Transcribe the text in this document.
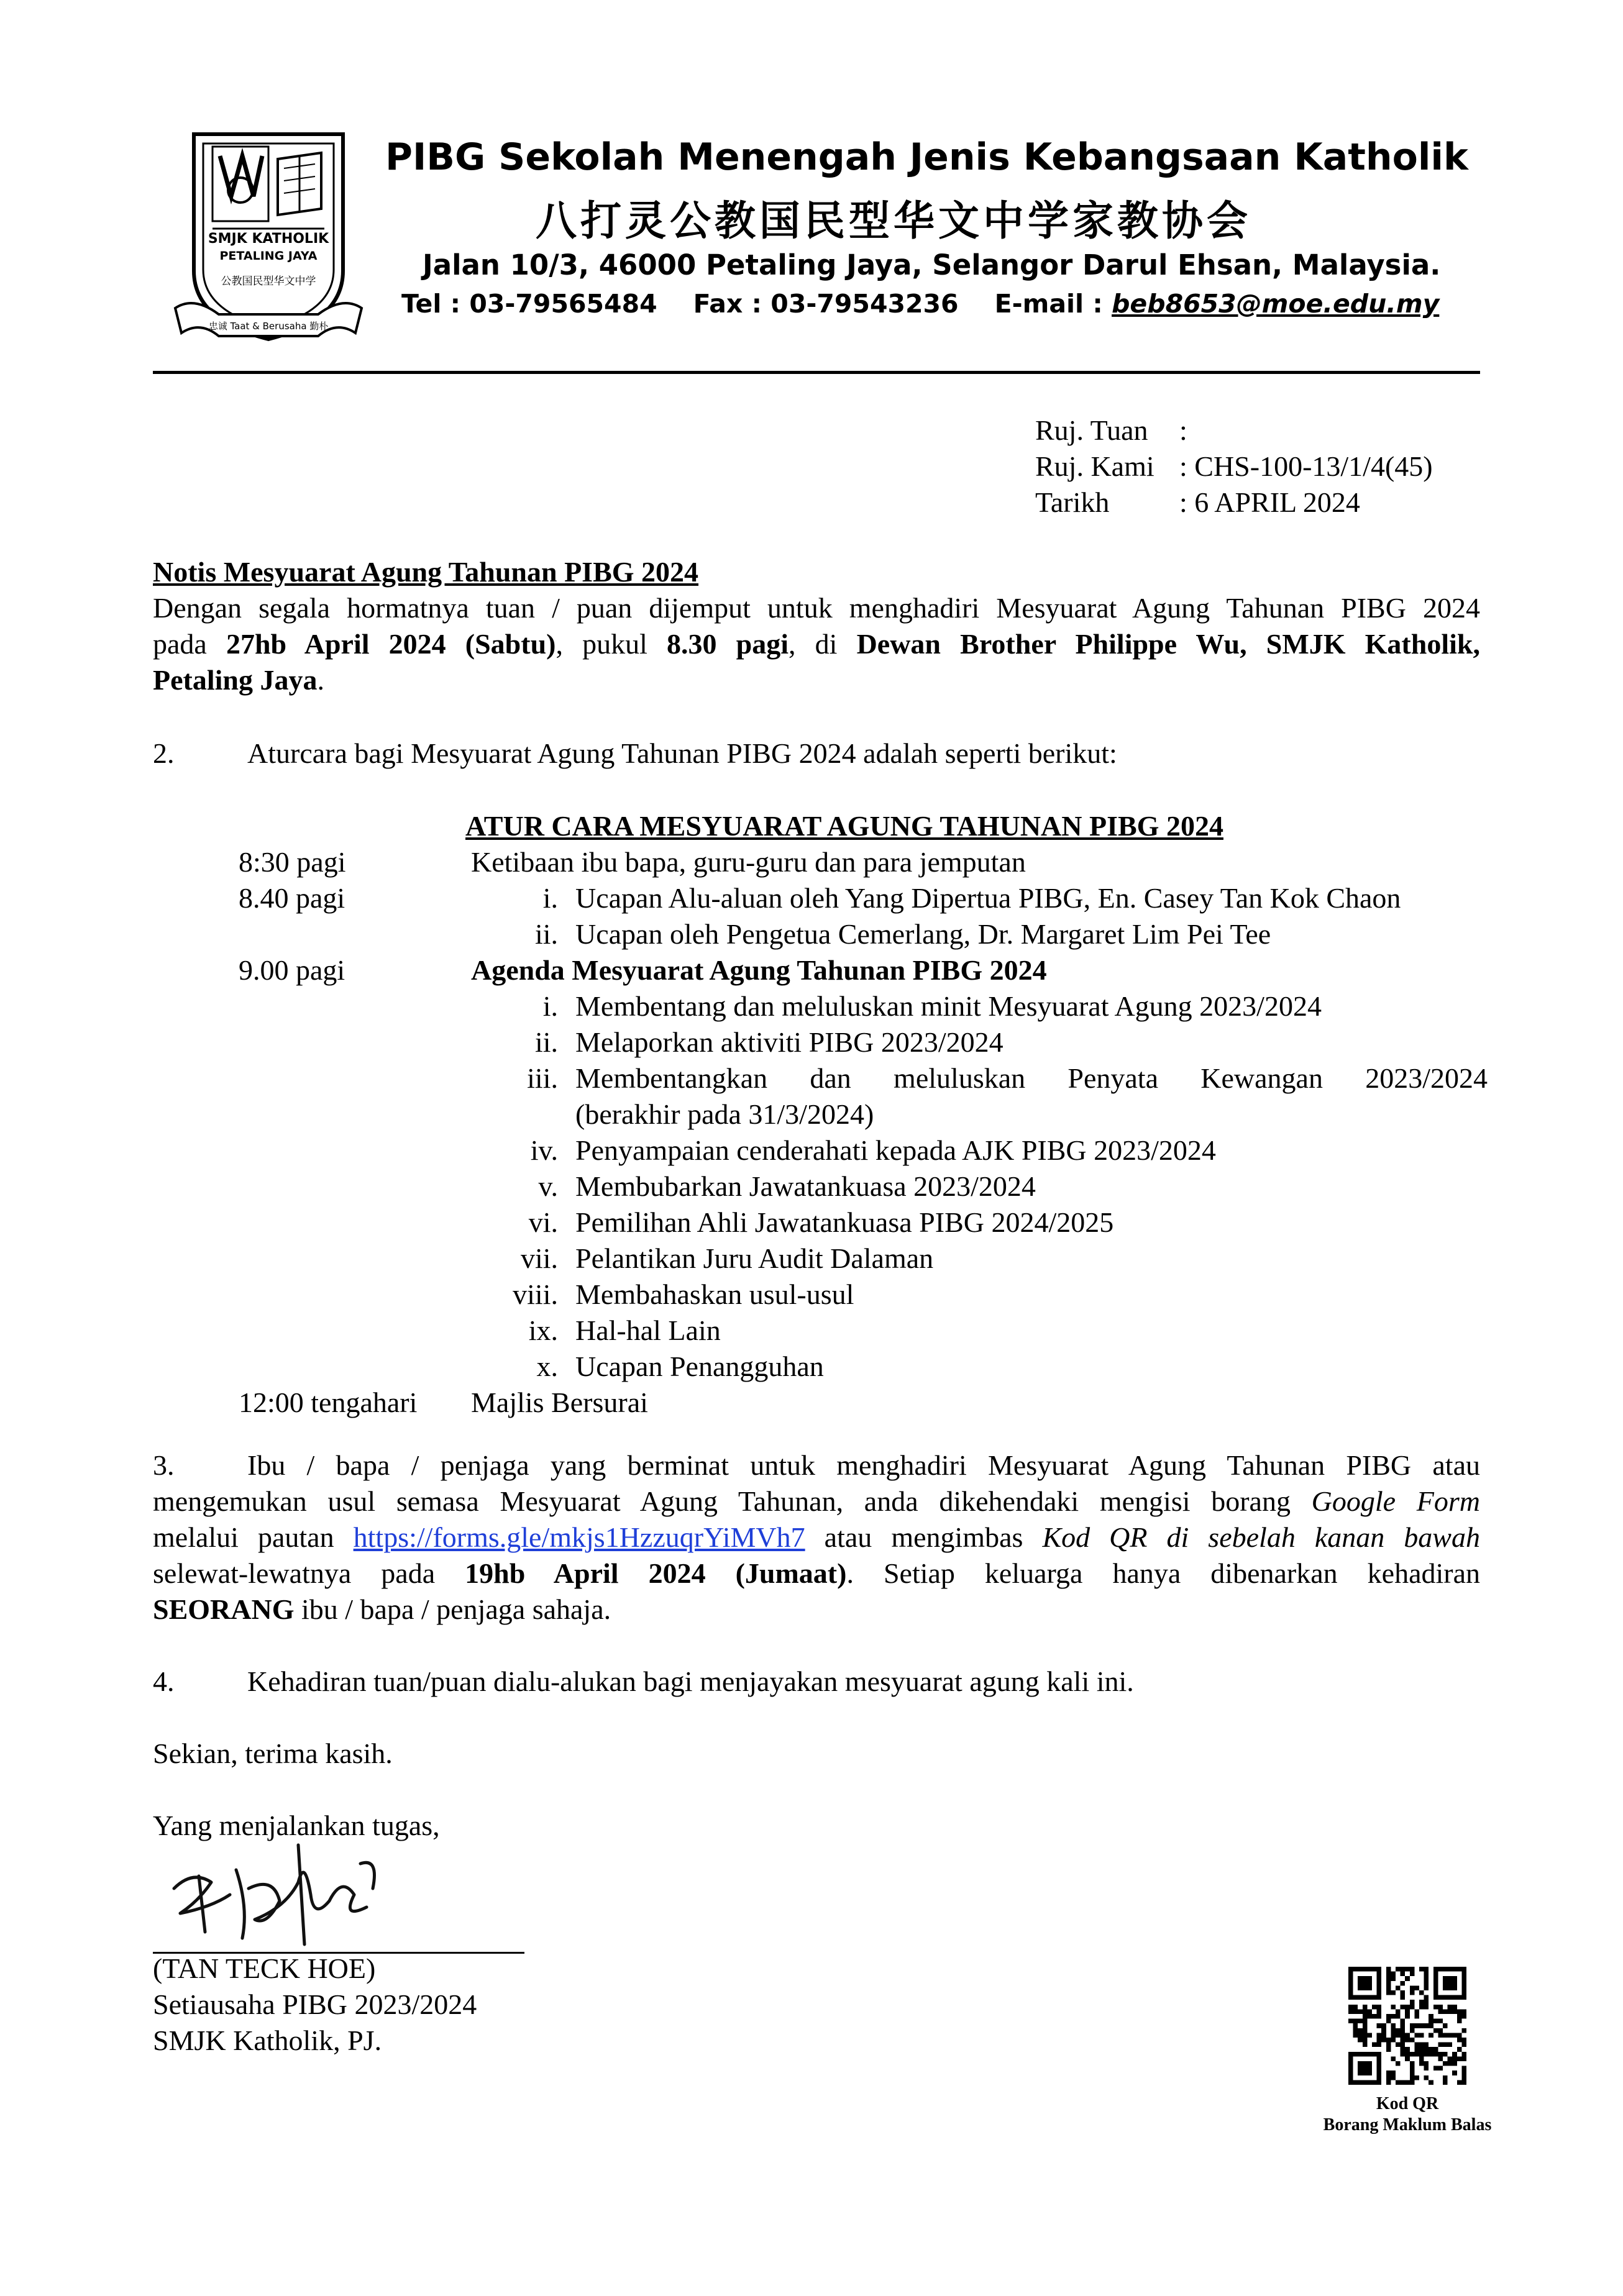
SMJK KATHOLIK
PETALING JAYA
公教国民型华文中学
忠诚 Taat & Berusaha 勤朴
PIBG Sekolah Menengah Jenis Kebangsaan Katholik
八打灵公教国民型华文中学家教协会
Jalan 10/3, 46000 Petaling Jaya, Selangor Darul Ehsan, Malaysia.
Tel : 03-79565484 Fax : 03-79543236 E-mail : beb8653@moe.edu.my
Ruj. Tuan	:
Ruj. Kami : CHS-100-13/1/4(45)
Tarikh	: 6 APRIL 2024
Notis Mesyuarat Agung Tahunan PIBG 2024
Dengan segala hormatnya tuan / puan dijemput untuk menghadiri Mesyuarat Agung Tahunan PIBG 2024
pada 27hb April 2024 (Sabtu), pukul 8.30 pagi, di Dewan Brother Philippe Wu, SMJK Katholik,
Petaling Jaya.
2.	Aturcara bagi Mesyuarat Agung Tahunan PIBG 2024 adalah seperti berikut:
ATUR CARA MESYUARAT AGUNG TAHUNAN PIBG 2024
8:30 pagi	Ketibaan ibu bapa, guru-guru dan para jemputan
8.40 pagi	i. Ucapan Alu-aluan oleh Yang Dipertua PIBG, En. Casey Tan Kok Chaon
ii. Ucapan oleh Pengetua Cemerlang, Dr. Margaret Lim Pei Tee
9.00 pagi	Agenda Mesyuarat Agung Tahunan PIBG 2024
i. Membentang dan meluluskan minit Mesyuarat Agung 2023/2024
ii. Melaporkan aktiviti PIBG 2023/2024
iii. Membentangkan dan meluluskan Penyata Kewangan 2023/2024
(berakhir pada 31/3/2024)
iv. Penyampaian cenderahati kepada AJK PIBG 2023/2024
v. Membubarkan Jawatankuasa 2023/2024
vi. Pemilihan Ahli Jawatankuasa PIBG 2024/2025
vii. Pelantikan Juru Audit Dalaman
viii. Membahaskan usul-usul
ix. Hal-hal Lain
x. Ucapan Penangguhan
12:00 tengahari	Majlis Bersurai
3.	Ibu / bapa / penjaga yang berminat untuk menghadiri Mesyuarat Agung Tahunan PIBG atau
mengemukan usul semasa Mesyuarat Agung Tahunan, anda dikehendaki mengisi borang Google Form
melalui pautan https://forms.gle/mkjs1HzzuqrYiMVh7 atau mengimbas Kod QR di sebelah kanan bawah
selewat-lewatnya pada 19hb April 2024 (Jumaat). Setiap keluarga hanya dibenarkan kehadiran
SEORANG ibu / bapa / penjaga sahaja.
4.	Kehadiran tuan/puan dialu-alukan bagi menjayakan mesyuarat agung kali ini.
Sekian, terima kasih.
Yang menjalankan tugas,
(TAN TECK HOE)
Setiausaha PIBG 2023/2024
SMJK Katholik, PJ.
Kod QR
Borang Maklum Balas
